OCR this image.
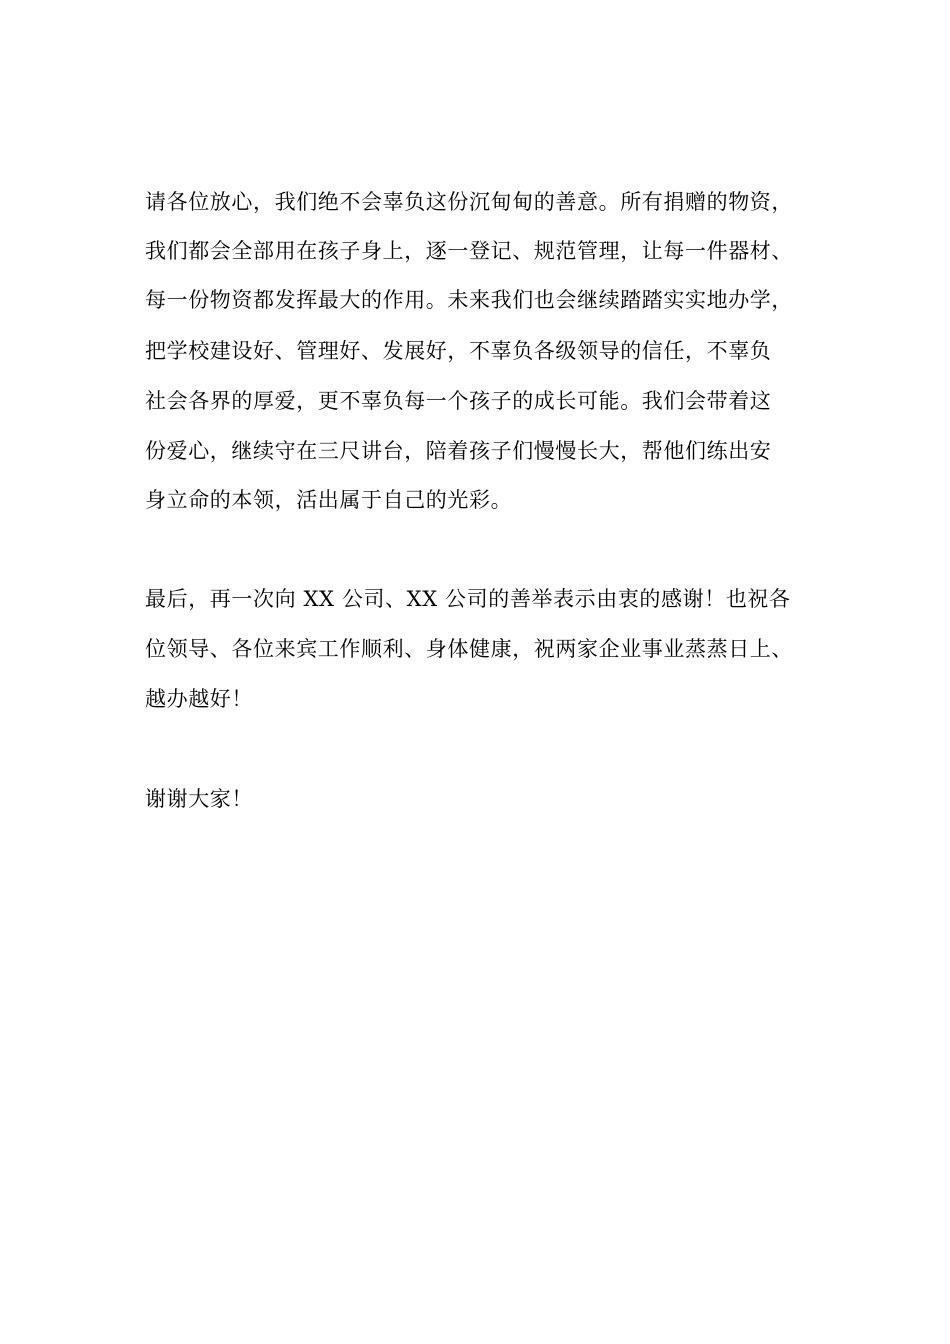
请各位放心，我们绝不会辜负这份沉甸甸的善意。所有捐赠的物资，
我们都会全部用在孩子身上，逐一登记、规范管理，让每一件器材、
每一份物资都发挥最大的作用。未来我们也会继续踏踏实实地办学，
把学校建设好、管理好、发展好，不辜负各级领导的信任，不辜负
社会各界的厚爱，更不辜负每一个孩子的成长可能。我们会带着这
份爱心，继续守在三尺讲台，陪着孩子们慢慢长大，帮他们练出安
身立命的本领，活出属于自己的光彩。
最后，再一次向 XX 公司、XX 公司的善举表示由衷的感谢！也祝各
位领导、各位来宾工作顺利、身体健康，祝两家企业事业蒸蒸日上、
越办越好！
谢谢大家！
